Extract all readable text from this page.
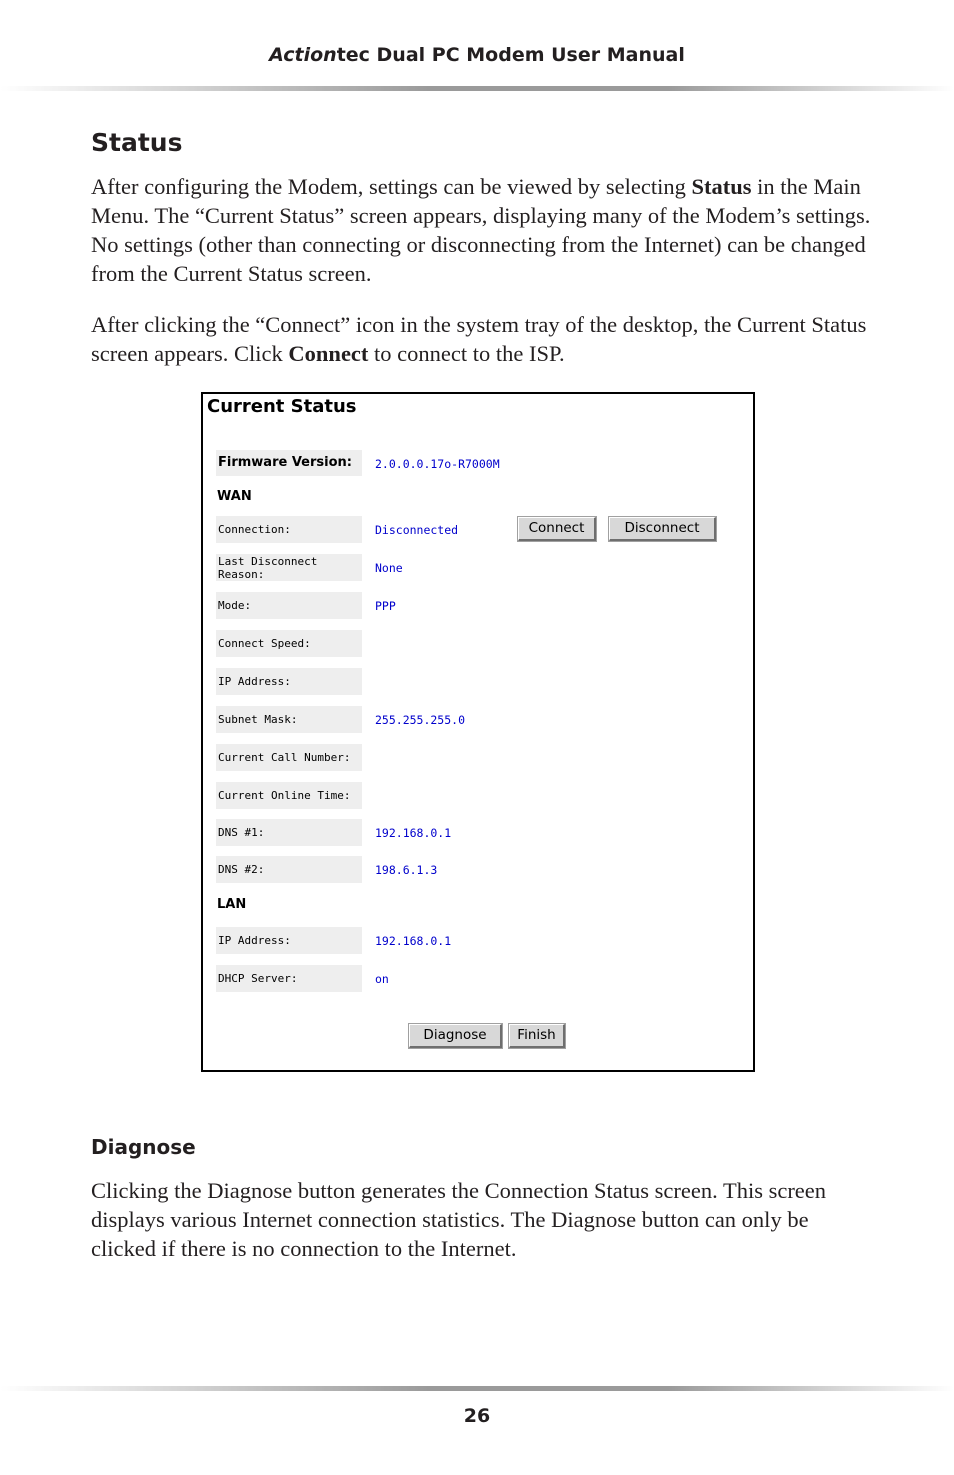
Actiontec Dual PC Modem User Manual
Status
After configuring the Modem, settings can be viewed by selecting Status in the Main Menu. The “Current Status” screen appears, displaying many of the Modem’s settings. No settings (other than connecting or disconnecting from the Internet) can be changed from the Current Status screen.
After clicking the “Connect” icon in the system tray of the desktop, the Current Status screen appears. Click Connect to connect to the ISP.
Current Status
Firmware Version:	2.0.0.0.17o-R7000M
WAN
Connection:	Disconnected	Connect	Disconnect
Last Disconnect Reason:	None
Mode:	PPP
Connect Speed:
IP Address:
Subnet Mask:	255.255.255.0
Current Call Number:
Current Online Time:
DNS #1:	192.168.0.1
DNS #2:	198.6.1.3
LAN
IP Address:	192.168.0.1
DHCP Server:	on
Diagnose	Finish
Diagnose
Clicking the Diagnose button generates the Connection Status screen. This screen displays various Internet connection statistics. The Diagnose button can only be clicked if there is no connection to the Internet.
26
